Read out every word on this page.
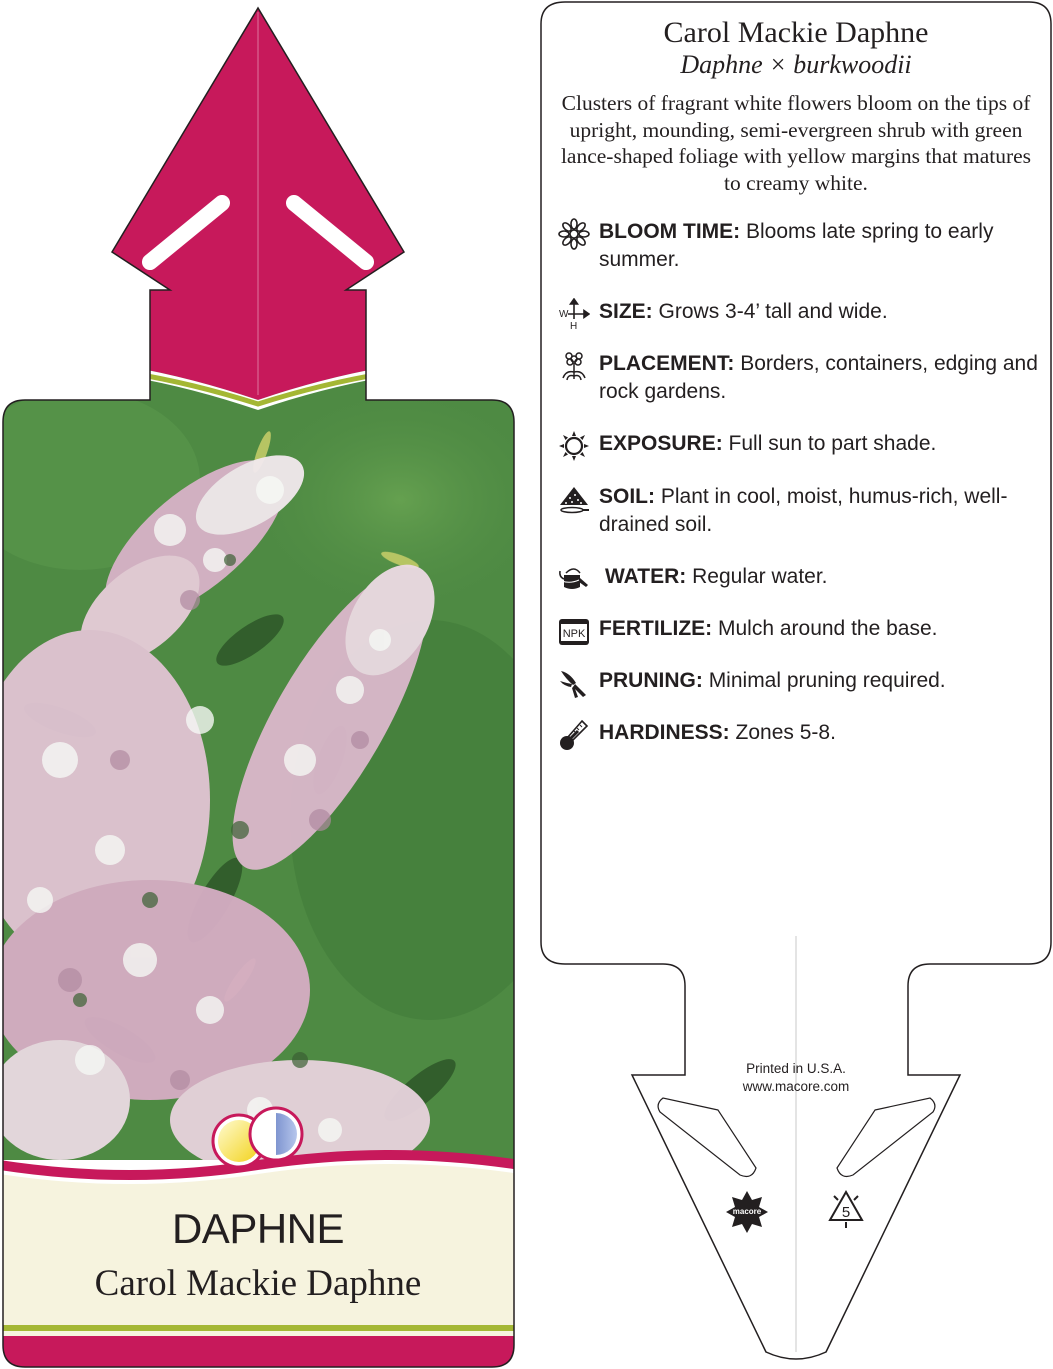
DAPHNE
Carol Mackie Daphne
Carol Mackie Daphne
Daphne × burkwoodii
Clusters of fragrant white flowers bloom on the tips of upright, mounding, semi-evergreen shrub with green lance-shaped foliage with yellow margins that matures to creamy white.
BLOOM TIME: Blooms late spring to early summer.
W
H
SIZE: Grows 3-4’ tall and wide.
PLACEMENT: Borders, containers, edging and rock gardens.
EXPOSURE: Full sun to part shade.
SOIL: Plant in cool, moist, humus-rich, well-drained soil.
WATER: Regular water.
NPK FERTILIZE: Mulch around the base.
PRUNING: Minimal pruning required.
HARDINESS: Zones 5-8.
Printed in U.S.A.
www.macore.com
macore	5
